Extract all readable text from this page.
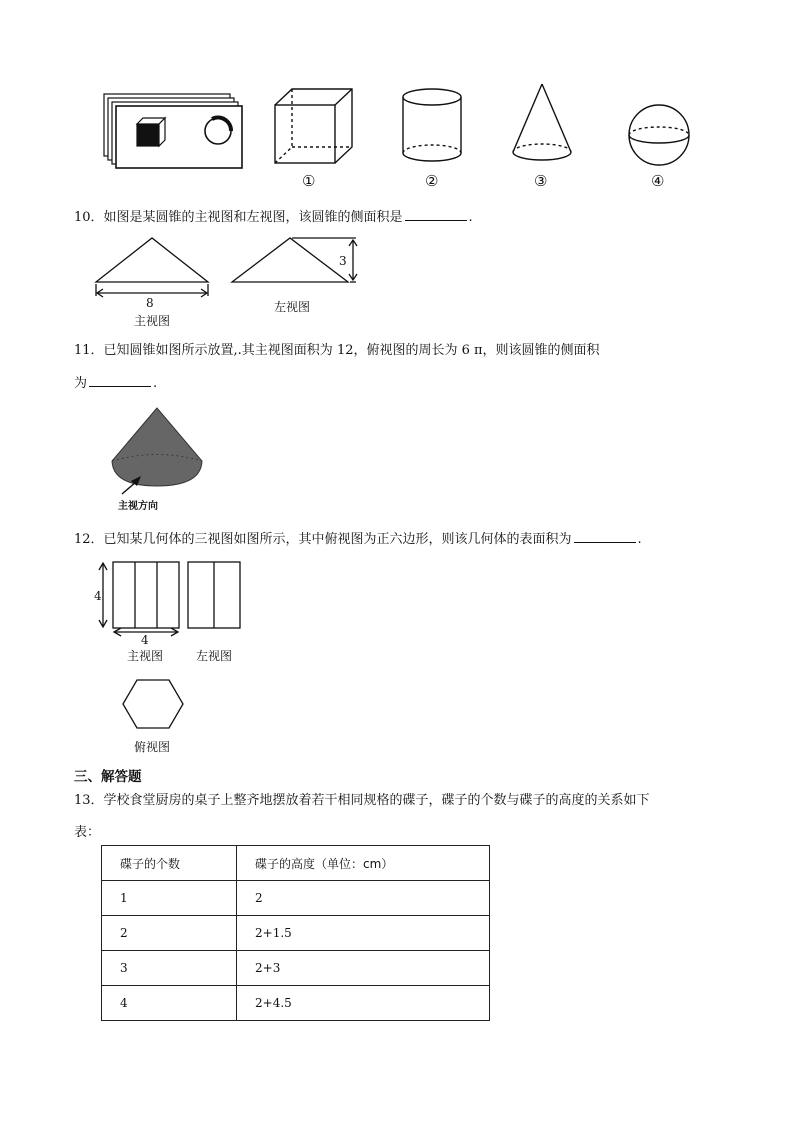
①	②	③	④
10．如图是某圆锥的主视图和左视图，该圆锥的侧面积是	.
8
3
主视图
左视图
11．已知圆锥如图所示放置,.其主视图面积为 12，俯视图的周长为 6 π，则该圆锥的侧面积
为	.
主视方向
12．已知某几何体的三视图如图所示，其中俯视图为正六边形，则该几何体的表面积为	.
4
4
主视图	左视图
俯视图
三、解答题
13．学校食堂厨房的桌子上整齐地摆放着若干相同规格的碟子，碟子的个数与碟子的高度的关系如下
表：
碟子的个数	碟子的高度（单位：cm）
1	2
2	2+1.5
3	2+3
4	2+4.5
